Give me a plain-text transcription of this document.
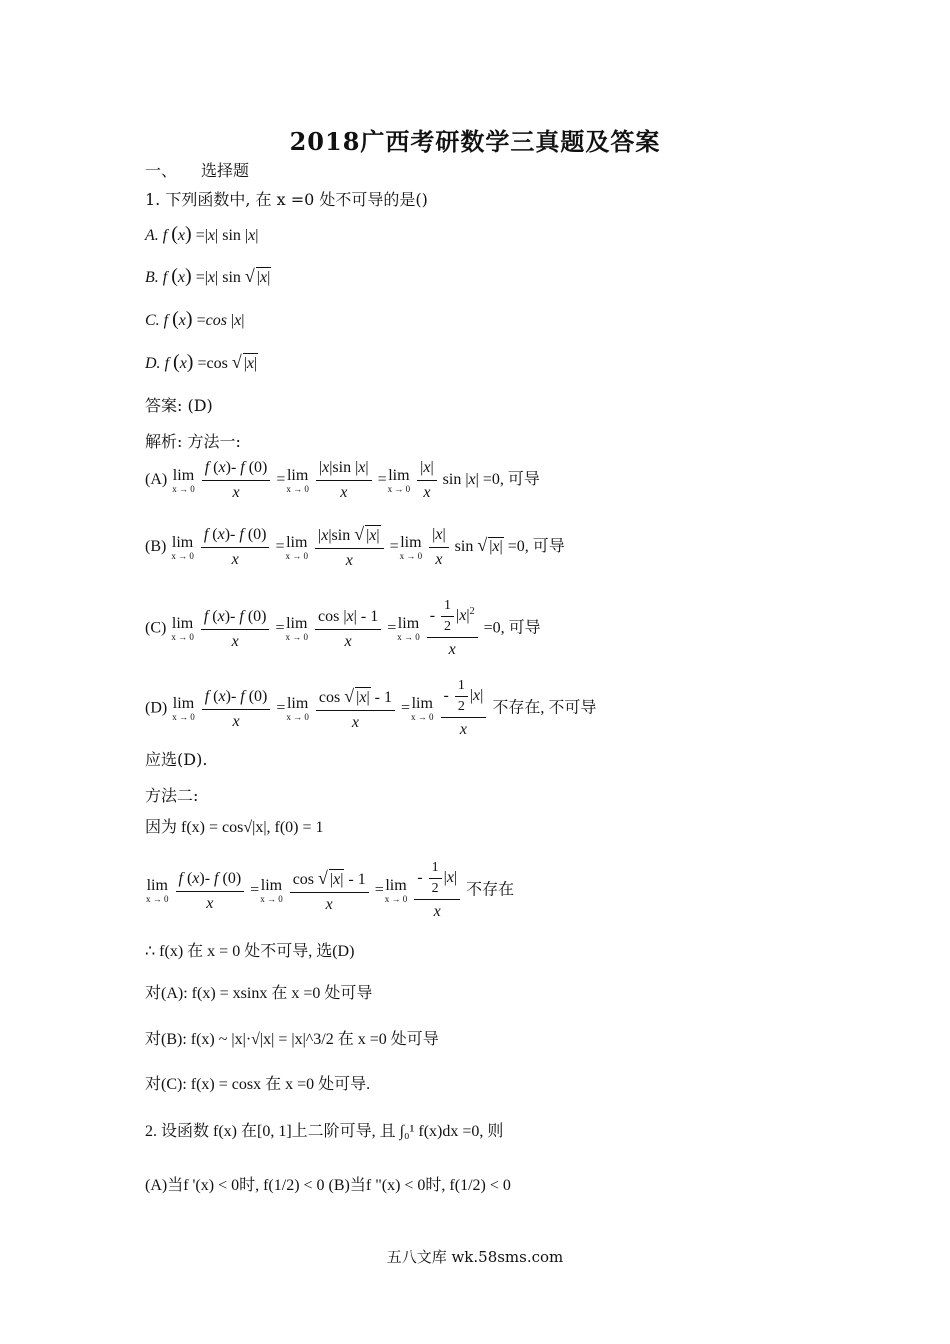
2018广西考研数学三真题及答案
一、　　选择题
1. 下列函数中, 在 x =0 处不可导的是()
A. f (x) =|x| sin |x|
B. f (x) =|x| sin √ |x|
C. f (x) =cos |x|
D. f (x) =cos √ |x|
答案: (D)
解析: 方法一:
(A) lim
x → 0
$\frac{f (x)- f (0)}{x} =\lim$
x → 0
$\frac{|x|\sin |x|}{x} =\lim$
x → 0
$\frac{|x|}{x}$ sin |x| =0, 可导
(B) lim
x → 0
$\frac{f (x)- f (0)}{x} =\lim$
x → 0
$\frac{|x|\sin √ |x|}{x} =\lim$
x → 0
$\frac{|x|}{x}$ sin √ |x| =0, 可导
(C) lim
x → 0
$\frac{f (x)- f (0)}{x} =\lim$
x → 0
$\frac{\cos |x| - 1}{x} =\lim$
x → 0
$\frac{- \frac{1}{2} |x|^2}{x} =0$, 可导
(D) lim
x → 0
$\frac{f (x)- f (0)}{x} =\lim$
x → 0
$\frac{\cos √ |x| - 1}{x} =\lim$
x → 0
$\frac{- \frac{1}{2} |x|}{x}$ 不存在, 不可导
应选(D).
方法二:
因为 f(x) = cos√|x|, f(0) = 1
lim
x → 0
$\frac{f (x)- f (0)}{x} =\lim$
x → 0
$\frac{\cos √ |x| - 1}{x} =\lim$
x → 0
$\frac{- \frac{1}{2} |x|}{x}$ 不存在
∴ f(x) 在 x = 0 处不可导, 选(D)
对(A): f(x) = xsinx 在 x =0 处可导
对(B): f(x) ~ |x|·√|x| = |x|^3/2 在 x =0 处可导
对(C): f(x) = cosx 在 x =0 处可导.
2. 设函数 f(x) 在[0, 1]上二阶可导, 且 ∫₀¹ f(x)dx =0, 则
(A)当f '(x) < 0时, f(1/2) < 0 (B)当f "(x) < 0时, f(1/2) < 0
五八文库 wk.58sms.com
